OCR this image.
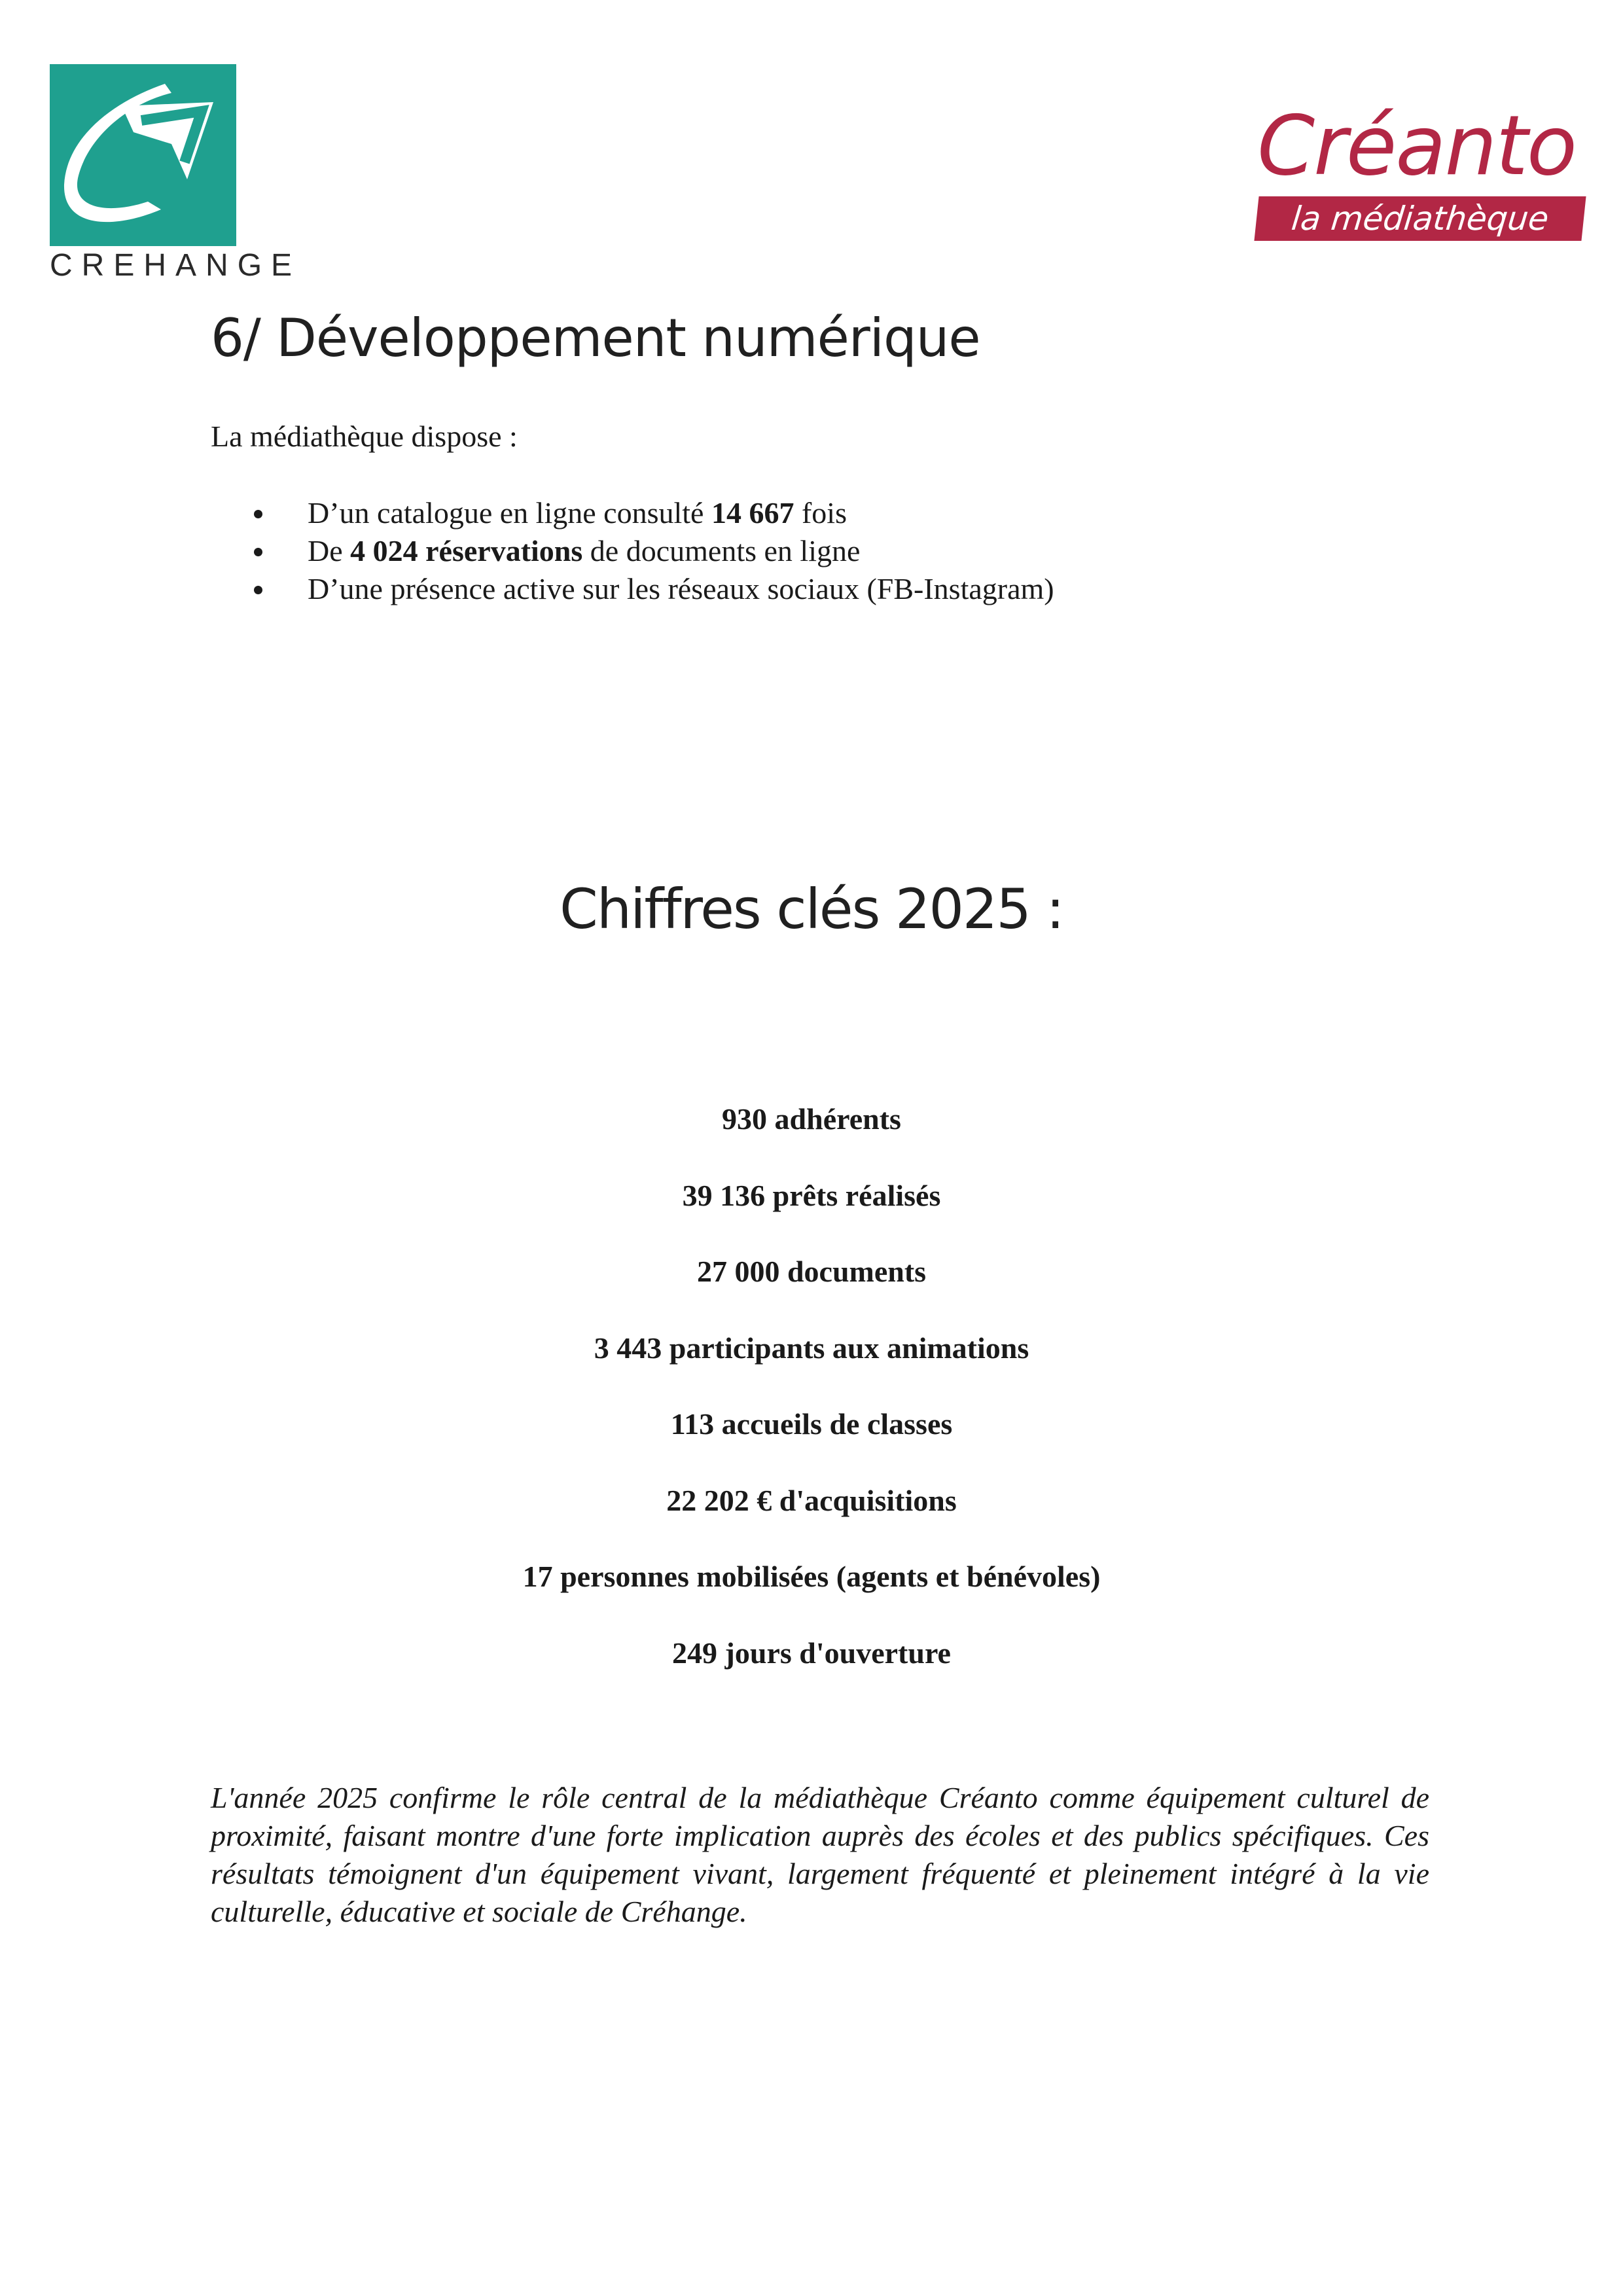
CREHANGE
Créanto
la médiathèque
6/ Développement numérique
La médiathèque dispose :
D’un catalogue en ligne consulté 14 667 fois
De 4 024 réservations de documents en ligne
D’une présence active sur les réseaux sociaux (FB-Instagram)
Chiffres clés 2025 :
930 adhérents
39 136 prêts réalisés
27 000 documents
3 443 participants aux animations
113 accueils de classes
22 202 € d'acquisitions
17 personnes mobilisées (agents et bénévoles)
249 jours d'ouverture

L'année 2025 confirme le rôle central de la médiathèque Créanto comme équipement culturel de proximité, faisant montre d'une forte implication auprès des écoles et des publics spécifiques. Ces résultats témoignent d'un équipement vivant, largement fréquenté et pleinement intégré à la vie culturelle, éducative et sociale de Créhange.
